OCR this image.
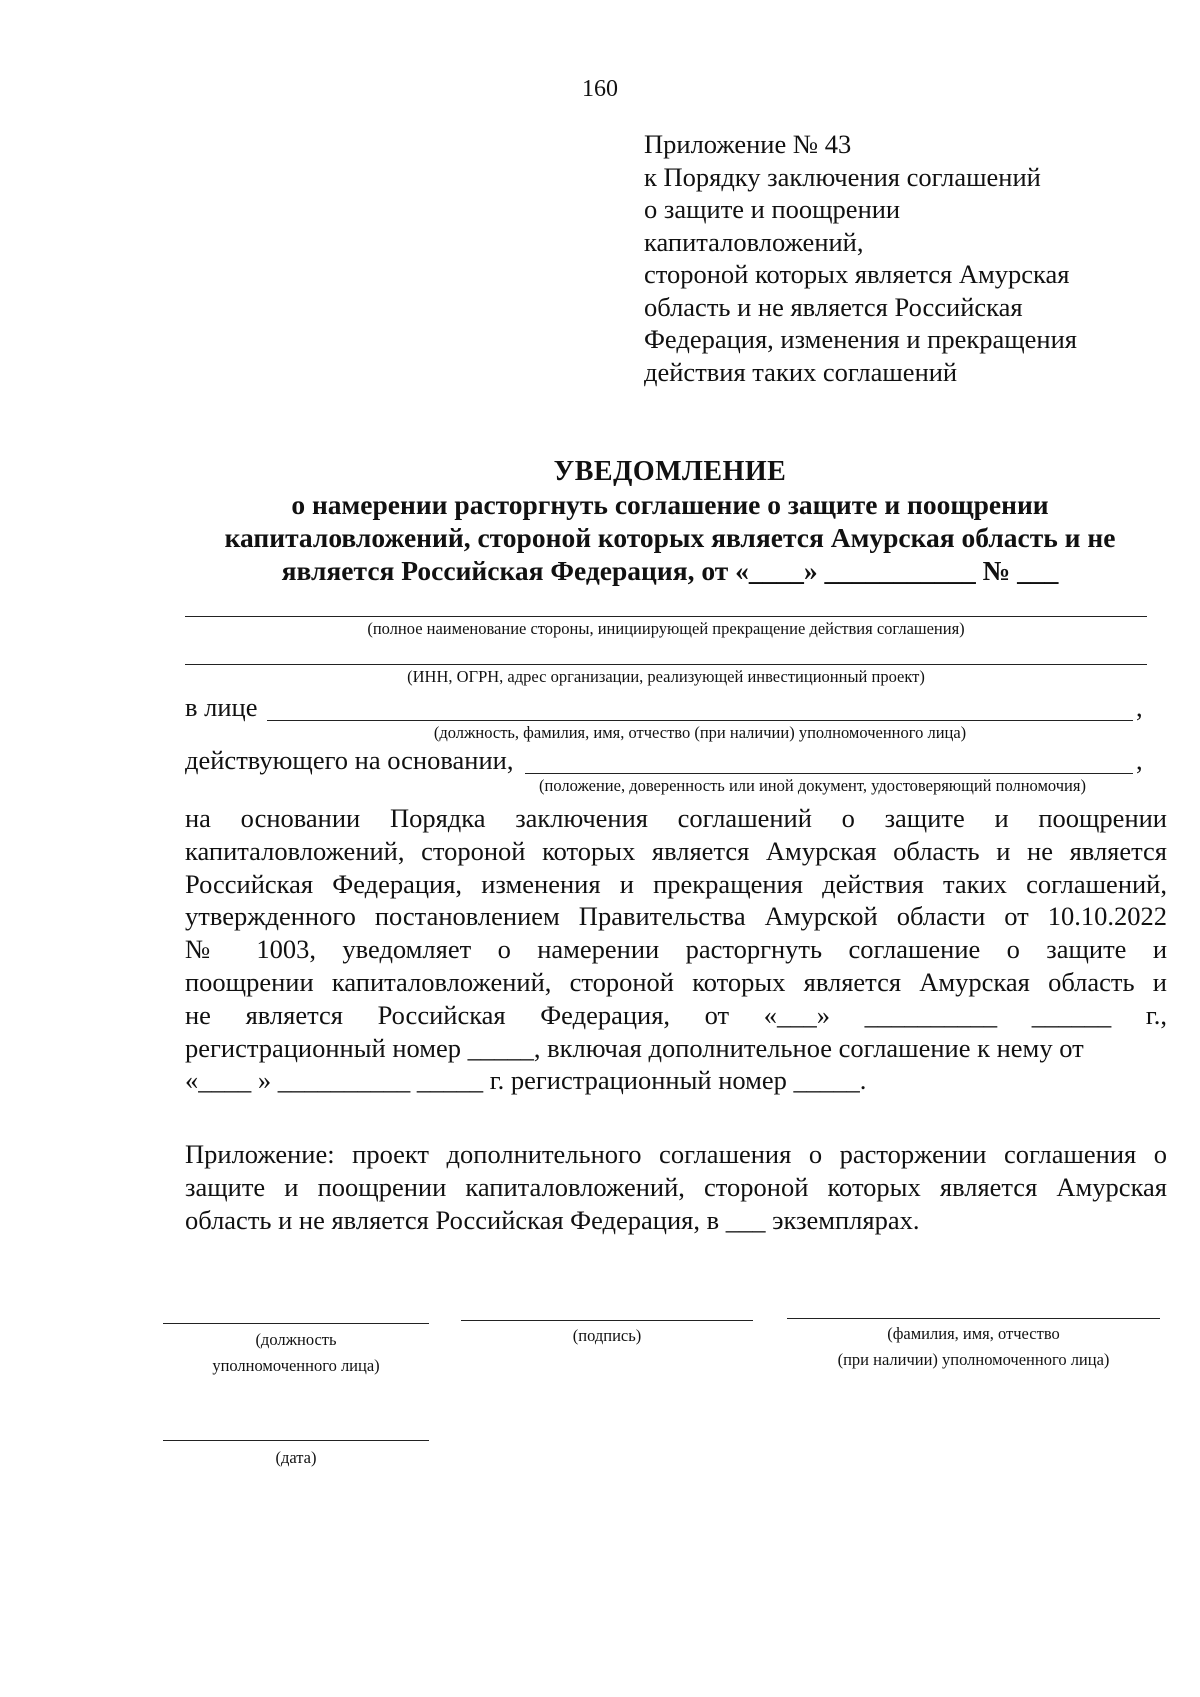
160
Приложение № 43
к Порядку заключения соглашений
о защите и поощрении
капиталовложений,
стороной которых является Амурская
область и не является Российская
Федерация, изменения и прекращения
действия таких соглашений
УВЕДОМЛЕНИЕ
о намерении расторгнуть соглашение о защите и поощрении
капиталовложений, стороной которых является Амурская область и не
является Российская Федерация, от «____» ___________ № ___
(полное наименование стороны, инициирующей прекращение действия соглашения)
(ИНН, ОГРН, адрес организации, реализующей инвестиционный проект)
в лице	,
(должность, фамилия, имя, отчество (при наличии) уполномоченного лица)
действующего на основании,	,
(положение, доверенность или иной документ, удостоверяющий полномочия)
на основании Порядка заключения соглашений о защите и поощрении
капиталовложений, стороной которых является Амурская область и не является
Российская Федерация, изменения и прекращения действия таких соглашений,
утвержденного постановлением Правительства Амурской области от 10.10.2022
№ 1003, уведомляет о намерении расторгнуть соглашение о защите и
поощрении капиталовложений, стороной которых является Амурская область и
не является Российская Федерация, от «___» __________ ______ г.,
регистрационный номер _____, включая дополнительное соглашение к нему от
«____ » __________ _____ г. регистрационный номер _____.
Приложение: проект дополнительного соглашения о расторжении соглашения о
защите и поощрении капиталовложений, стороной которых является Амурская
область и не является Российская Федерация, в ___ экземплярах.
(должность
уполномоченного лица)
(подпись)	(фамилия, имя, отчество
(при наличии) уполномоченного лица)
(дата)
